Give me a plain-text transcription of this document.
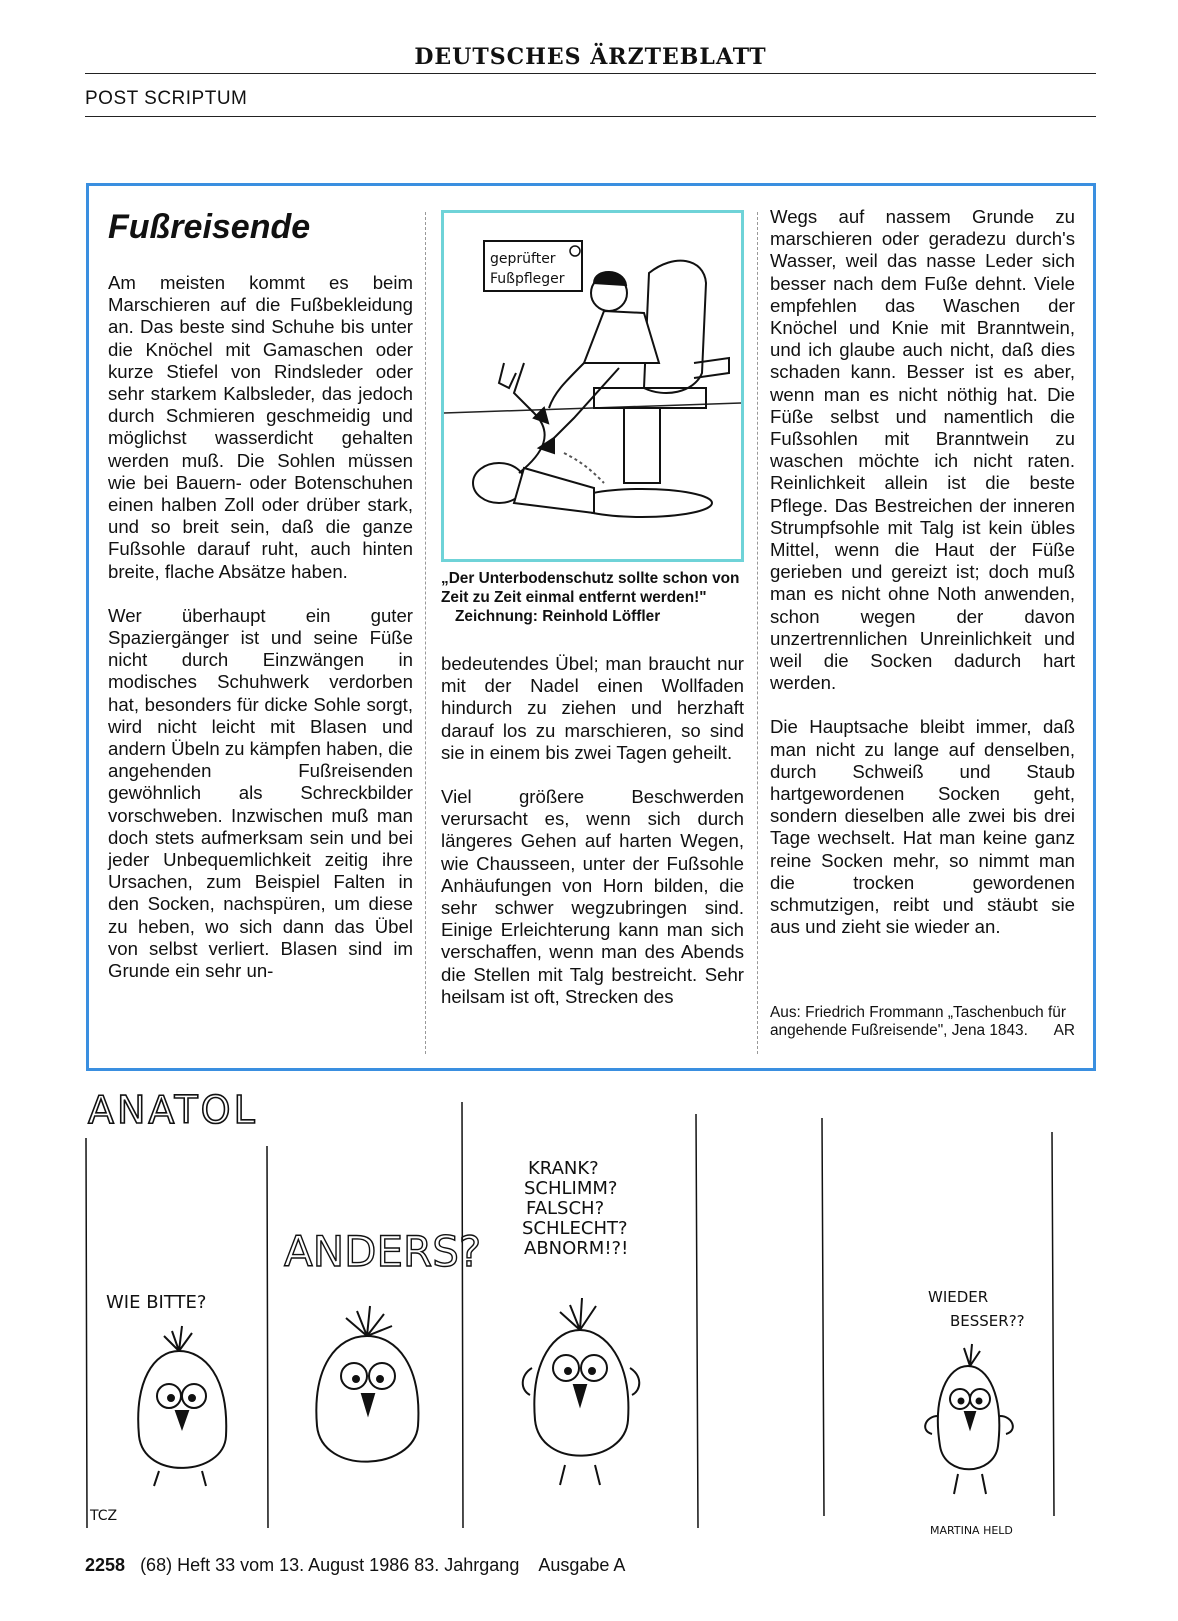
DEUTSCHES ÄRZTEBLATT
POST SCRIPTUM
Fußreisende

Am meisten kommt es beim Marschieren auf die Fußbekleidung an. Das beste sind Schuhe bis unter die Knöchel mit Gamaschen oder kurze Stiefel von Rindsleder oder sehr starkem Kalbsleder, das jedoch durch Schmieren geschmeidig und möglichst wasserdicht gehalten werden muß. Die Sohlen müssen wie bei Bauern- oder Botenschuhen einen halben Zoll oder drüber stark, und so breit sein, daß die ganze Fußsohle darauf ruht, auch hinten breite, flache Absätze haben.

Wer überhaupt ein guter Spaziergänger ist und seine Füße nicht durch Einzwängen in modisches Schuhwerk verdorben hat, besonders für dicke Sohle sorgt, wird nicht leicht mit Blasen und andern Übeln zu kämpfen haben, die angehenden Fußreisenden gewöhnlich als Schreckbilder vorschweben. Inzwischen muß man doch stets aufmerksam sein und bei jeder Unbequemlichkeit zeitig ihre Ursachen, zum Beispiel Falten in den Socken, nachspüren, um diese zu heben, wo sich dann das Übel von selbst verliert. Blasen sind im Grunde ein sehr un-

geprüfter
Fußpfleger
„Der Unterbodenschutz sollte schon von Zeit zu Zeit einmal entfernt werden!" Zeichnung: Reinhold Löffler

bedeutendes Übel; man braucht nur mit der Nadel einen Wollfaden hindurch zu ziehen und herzhaft darauf los zu marschieren, so sind sie in einem bis zwei Tagen geheilt.

Viel größere Beschwerden verursacht es, wenn sich durch längeres Gehen auf harten Wegen, wie Chausseen, unter der Fußsohle Anhäufungen von Horn bilden, die sehr schwer wegzubringen sind. Einige Erleichterung kann man sich verschaffen, wenn man des Abends die Stellen mit Talg bestreicht. Sehr heilsam ist oft, Strecken des

Wegs auf nassem Grunde zu marschieren oder geradezu durch's Wasser, weil das nasse Leder sich besser nach dem Fuße dehnt. Viele empfehlen das Waschen der Knöchel und Knie mit Branntwein, und ich glaube auch nicht, daß dies schaden kann. Besser ist es aber, wenn man es nicht nöthig hat. Die Füße selbst und namentlich die Fußsohlen mit Branntwein zu waschen möchte ich nicht raten. Reinlichkeit allein ist die beste Pflege. Das Bestreichen der inneren Strumpfsohle mit Talg ist kein übles Mittel, wenn die Haut der Füße gerieben und gereizt ist; doch muß man es nicht ohne Noth anwenden, schon wegen der davon unzertrennlichen Unreinlichkeit und weil die Socken dadurch hart werden.

Die Hauptsache bleibt immer, daß man nicht zu lange auf denselben, durch Schweiß und Staub hartgewordenen Socken geht, sondern dieselben alle zwei bis drei Tage wechselt. Hat man keine ganz reine Socken mehr, so nimmt man die trocken gewordenen schmutzigen, reibt und stäubt sie aus und zieht sie wieder an.

Aus: Friedrich Frommann „Taschenbuch für angehende Fußreisende", Jena 1843. AR
ANATOL
WIE BITTE?
TCZ
ANDERS?
KRANK?
SCHLIMM?
FALSCH?
SCHLECHT?
ABNORM!?!
WIEDER
BESSER??
MARTINA HELD
2258 (68) Heft 33 vom 13. August 1986 83. Jahrgang Ausgabe A
